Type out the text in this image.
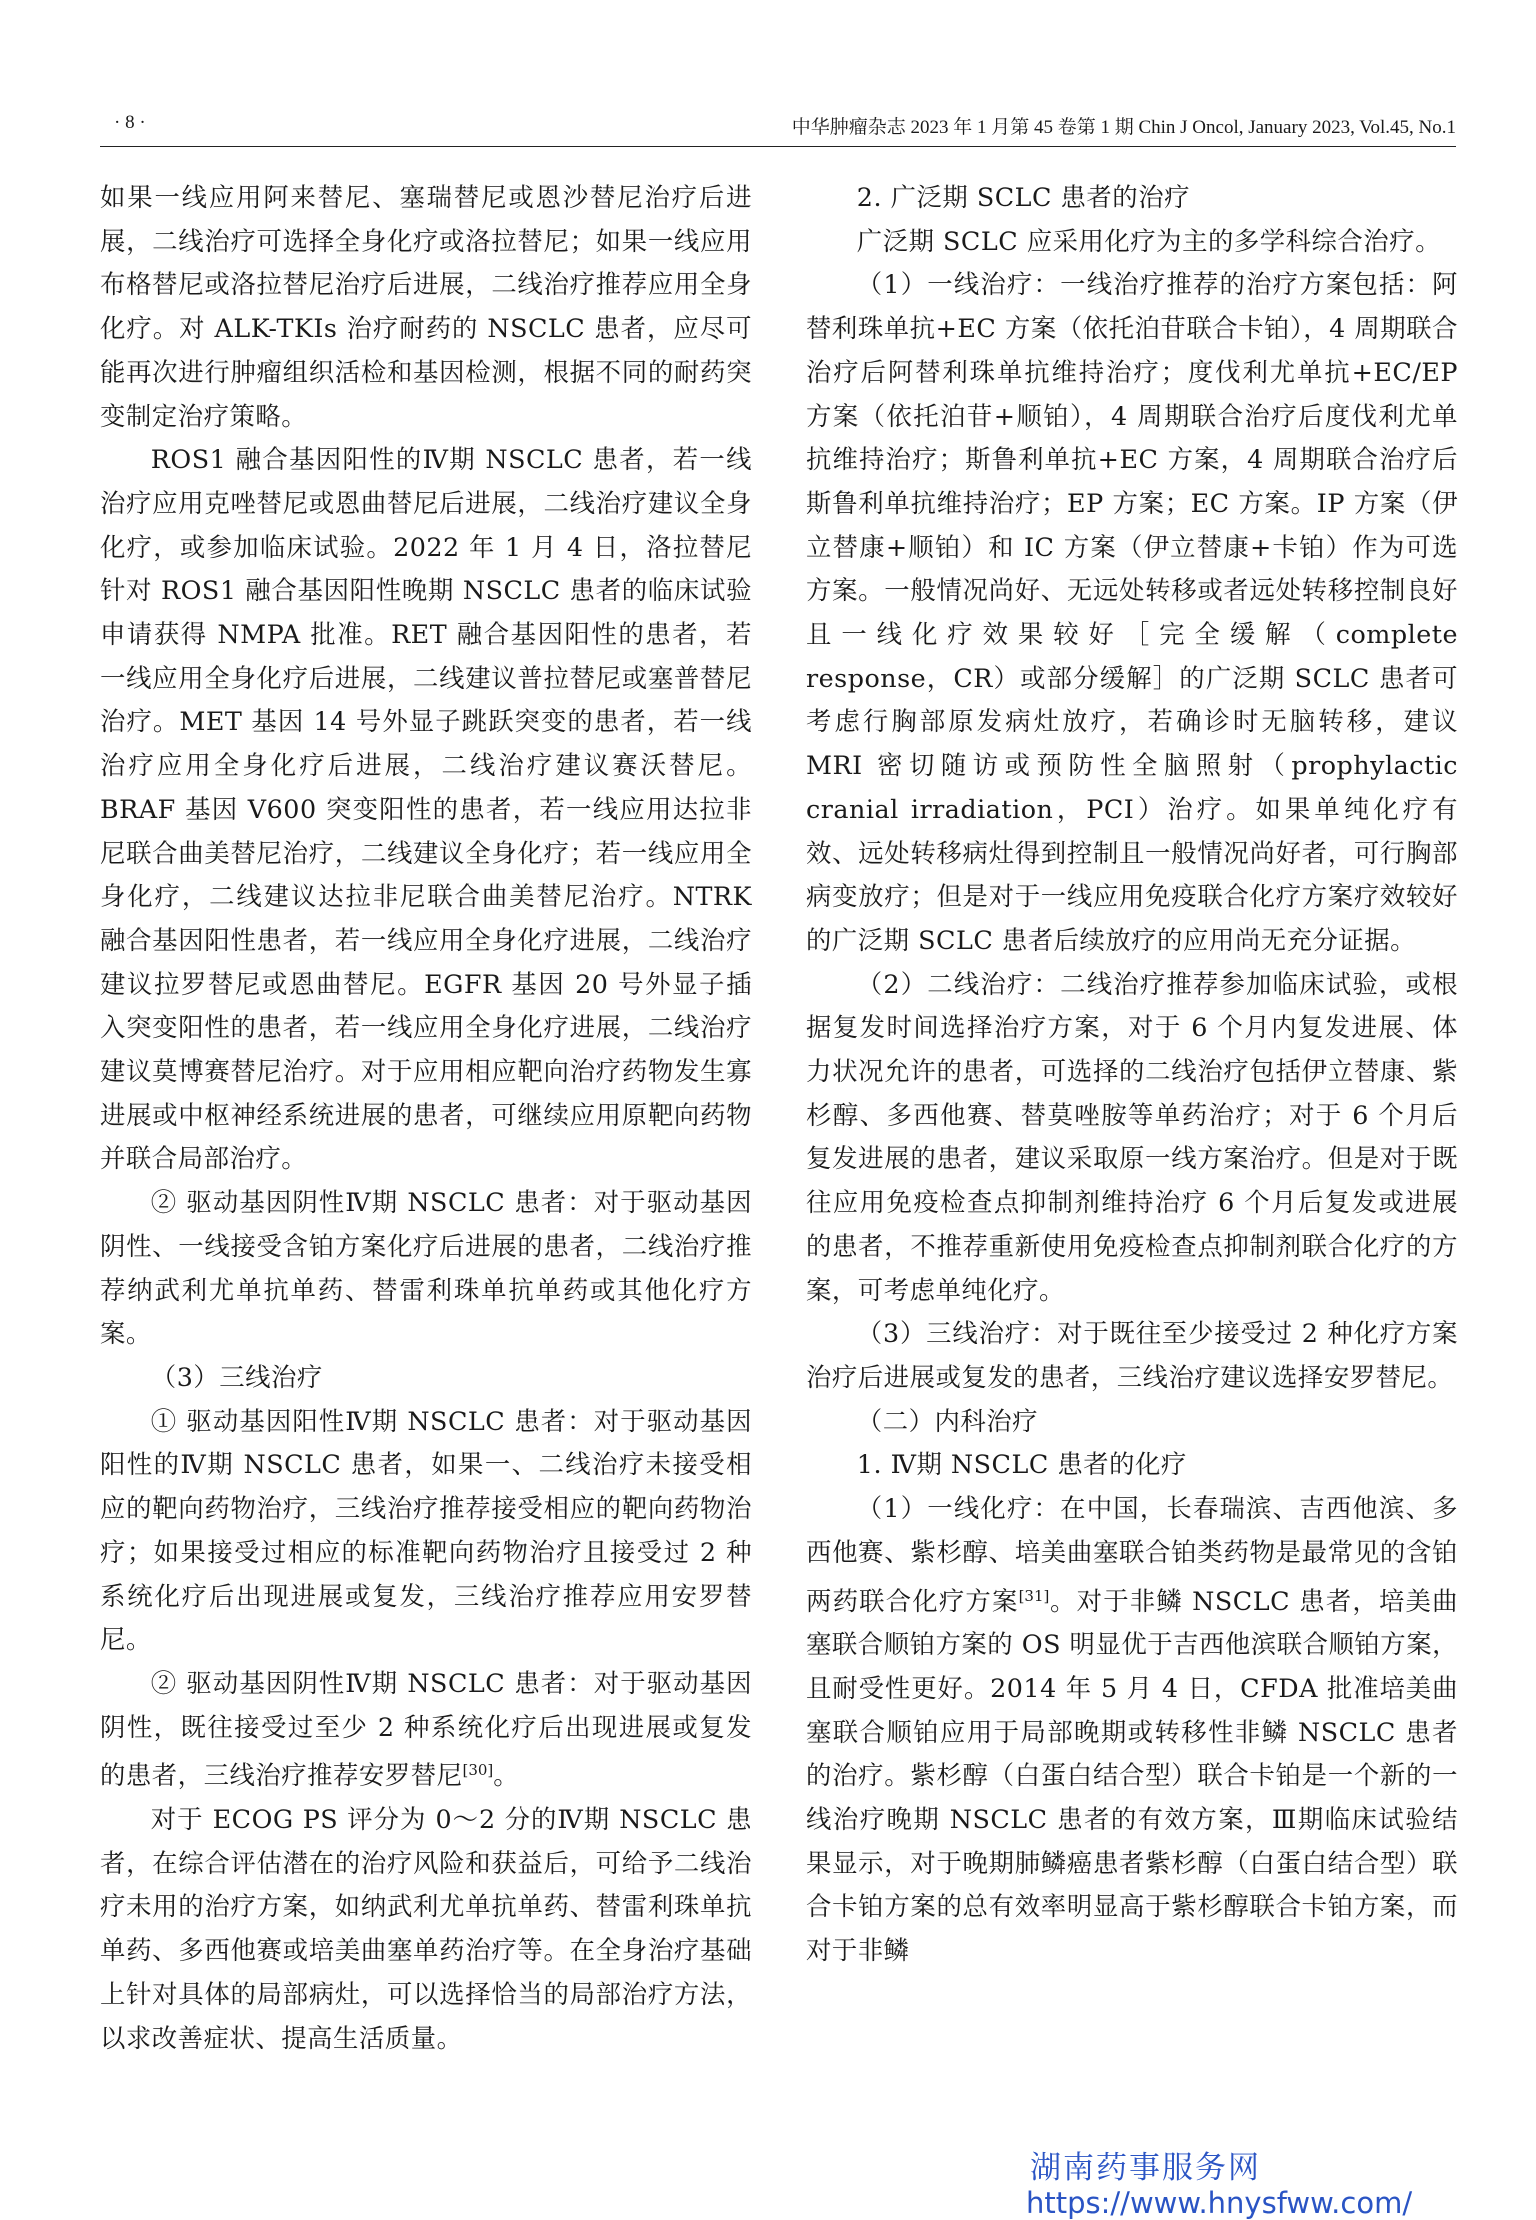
· 8 ·	中华肿瘤杂志 2023 年 1 月第 45 卷第 1 期 Chin J Oncol, January 2023, Vol.45, No.1

如果一线应用阿来替尼、塞瑞替尼或恩沙替尼治疗后进展，二线治疗可选择全身化疗或洛拉替尼；如果一线应用布格替尼或洛拉替尼治疗后进展，二线治疗推荐应用全身化疗。对 ALK-TKIs 治疗耐药的 NSCLC 患者，应尽可能再次进行肿瘤组织活检和基因检测，根据不同的耐药突变制定治疗策略。

ROS1 融合基因阳性的Ⅳ期 NSCLC 患者，若一线治疗应用克唑替尼或恩曲替尼后进展，二线治疗建议全身化疗，或参加临床试验。2022 年 1 月 4 日，洛拉替尼针对 ROS1 融合基因阳性晚期 NSCLC 患者的临床试验申请获得 NMPA 批准。RET 融合基因阳性的患者，若一线应用全身化疗后进展，二线建议普拉替尼或塞普替尼治疗。MET 基因 14 号外显子跳跃突变的患者，若一线治疗应用全身化疗后进展，二线治疗建议赛沃替尼。BRAF 基因 V600 突变阳性的患者，若一线应用达拉非尼联合曲美替尼治疗，二线建议全身化疗；若一线应用全身化疗，二线建议达拉非尼联合曲美替尼治疗。NTRK 融合基因阳性患者，若一线应用全身化疗进展，二线治疗建议拉罗替尼或恩曲替尼。EGFR 基因 20 号外显子插入突变阳性的患者，若一线应用全身化疗进展，二线治疗建议莫博赛替尼治疗。对于应用相应靶向治疗药物发生寡进展或中枢神经系统进展的患者，可继续应用原靶向药物并联合局部治疗。

② 驱动基因阴性Ⅳ期 NSCLC 患者：对于驱动基因阴性、一线接受含铂方案化疗后进展的患者，二线治疗推荐纳武利尤单抗单药、替雷利珠单抗单药或其他化疗方案。

（3）三线治疗

① 驱动基因阳性Ⅳ期 NSCLC 患者：对于驱动基因阳性的Ⅳ期 NSCLC 患者，如果一、二线治疗未接受相应的靶向药物治疗，三线治疗推荐接受相应的靶向药物治疗；如果接受过相应的标准靶向药物治疗且接受过 2 种系统化疗后出现进展或复发，三线治疗推荐应用安罗替尼。

② 驱动基因阴性Ⅳ期 NSCLC 患者：对于驱动基因阴性，既往接受过至少 2 种系统化疗后出现进展或复发的患者，三线治疗推荐安罗替尼[30]。

对于 ECOG PS 评分为 0～2 分的Ⅳ期 NSCLC 患者，在综合评估潜在的治疗风险和获益后，可给予二线治疗未用的治疗方案，如纳武利尤单抗单药、替雷利珠单抗单药、多西他赛或培美曲塞单药治疗等。在全身治疗基础上针对具体的局部病灶，可以选择恰当的局部治疗方法，以求改善症状、提高生活质量。

2. 广泛期 SCLC 患者的治疗

广泛期 SCLC 应采用化疗为主的多学科综合治疗。

（1）一线治疗：一线治疗推荐的治疗方案包括：阿替利珠单抗+EC 方案（依托泊苷联合卡铂），4 周期联合治疗后阿替利珠单抗维持治疗；度伐利尤单抗+EC/EP 方案（依托泊苷+顺铂），4 周期联合治疗后度伐利尤单抗维持治疗；斯鲁利单抗+EC 方案，4 周期联合治疗后斯鲁利单抗维持治疗；EP 方案；EC 方案。IP 方案（伊立替康+顺铂）和 IC 方案（伊立替康+卡铂）作为可选方案。一般情况尚好、无远处转移或者远处转移控制良好且一线化疗效果较好［完全缓解（complete response，CR）或部分缓解］的广泛期 SCLC 患者可考虑行胸部原发病灶放疗，若确诊时无脑转移，建议 MRI 密切随访或预防性全脑照射（prophylactic cranial irradiation，PCI）治疗。如果单纯化疗有效、远处转移病灶得到控制且一般情况尚好者，可行胸部病变放疗；但是对于一线应用免疫联合化疗方案疗效较好的广泛期 SCLC 患者后续放疗的应用尚无充分证据。

（2）二线治疗：二线治疗推荐参加临床试验，或根据复发时间选择治疗方案，对于 6 个月内复发进展、体力状况允许的患者，可选择的二线治疗包括伊立替康、紫杉醇、多西他赛、替莫唑胺等单药治疗；对于 6 个月后复发进展的患者，建议采取原一线方案治疗。但是对于既往应用免疫检查点抑制剂维持治疗 6 个月后复发或进展的患者，不推荐重新使用免疫检查点抑制剂联合化疗的方案，可考虑单纯化疗。

（3）三线治疗：对于既往至少接受过 2 种化疗方案治疗后进展或复发的患者，三线治疗建议选择安罗替尼。

（二）内科治疗

1. Ⅳ期 NSCLC 患者的化疗

（1）一线化疗：在中国，长春瑞滨、吉西他滨、多西他赛、紫杉醇、培美曲塞联合铂类药物是最常见的含铂两药联合化疗方案[31]。对于非鳞 NSCLC 患者，培美曲塞联合顺铂方案的 OS 明显优于吉西他滨联合顺铂方案，且耐受性更好。2014 年 5 月 4 日，CFDA 批准培美曲塞联合顺铂应用于局部晚期或转移性非鳞 NSCLC 患者的治疗。紫杉醇（白蛋白结合型）联合卡铂是一个新的一线治疗晚期 NSCLC 患者的有效方案，Ⅲ期临床试验结果显示，对于晚期肺鳞癌患者紫杉醇（白蛋白结合型）联合卡铂方案的总有效率明显高于紫杉醇联合卡铂方案，而对于非鳞

湖南药事服务网
https://www.hnysfww.com/
